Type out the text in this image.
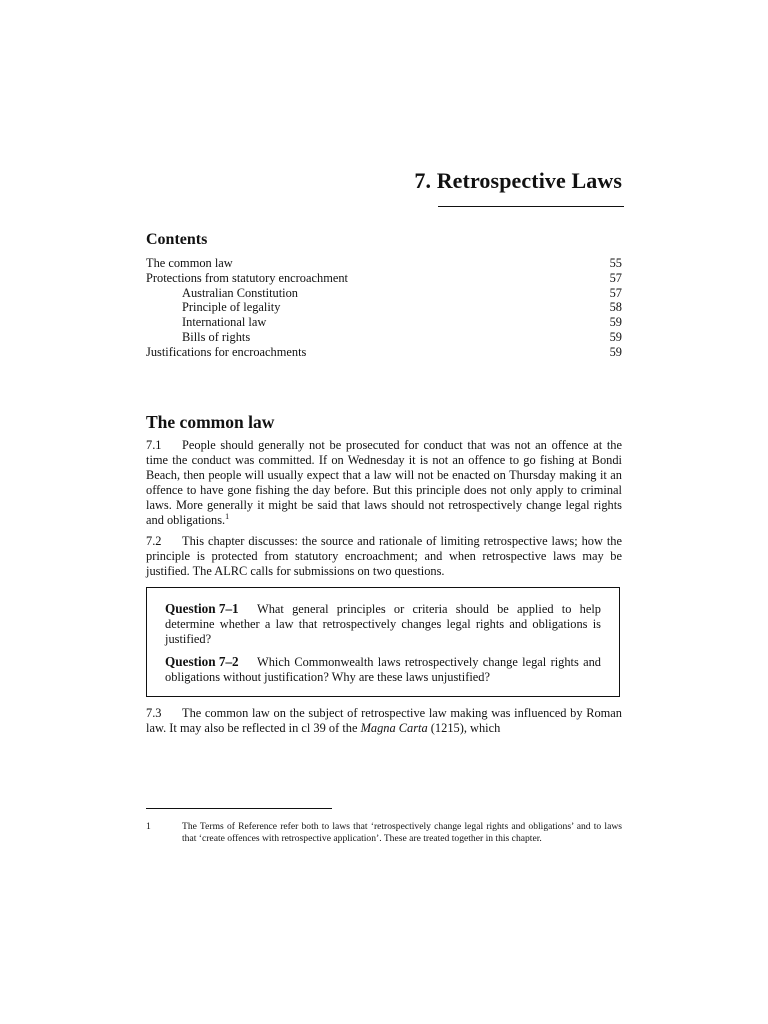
7. Retrospective Laws
Contents
The common law	55
Protections from statutory encroachment	57
Australian Constitution	57
Principle of legality	58
International law	59
Bills of rights	59
Justifications for encroachments	59
The common law
7.1 People should generally not be prosecuted for conduct that was not an offence at the time the conduct was committed. If on Wednesday it is not an offence to go fishing at Bondi Beach, then people will usually expect that a law will not be enacted on Thursday making it an offence to have gone fishing the day before. But this principle does not only apply to criminal laws. More generally it might be said that laws should not retrospectively change legal rights and obligations.$^1$
7.2 This chapter discusses: the source and rationale of limiting retrospective laws; how the principle is protected from statutory encroachment; and when retrospective laws may be justified. The ALRC calls for submissions on two questions.
Question 7–1 What general principles or criteria should be applied to help determine whether a law that retrospectively changes legal rights and obligations is justified?
Question 7–2 Which Commonwealth laws retrospectively change legal rights and obligations without justification? Why are these laws unjustified?
7.3 The common law on the subject of retrospective law making was influenced by Roman law. It may also be reflected in cl 39 of the Magna Carta (1215), which
1	The Terms of Reference refer both to laws that ‘retrospectively change legal rights and obligations’ and to laws that ‘create offences with retrospective application’. These are treated together in this chapter.
